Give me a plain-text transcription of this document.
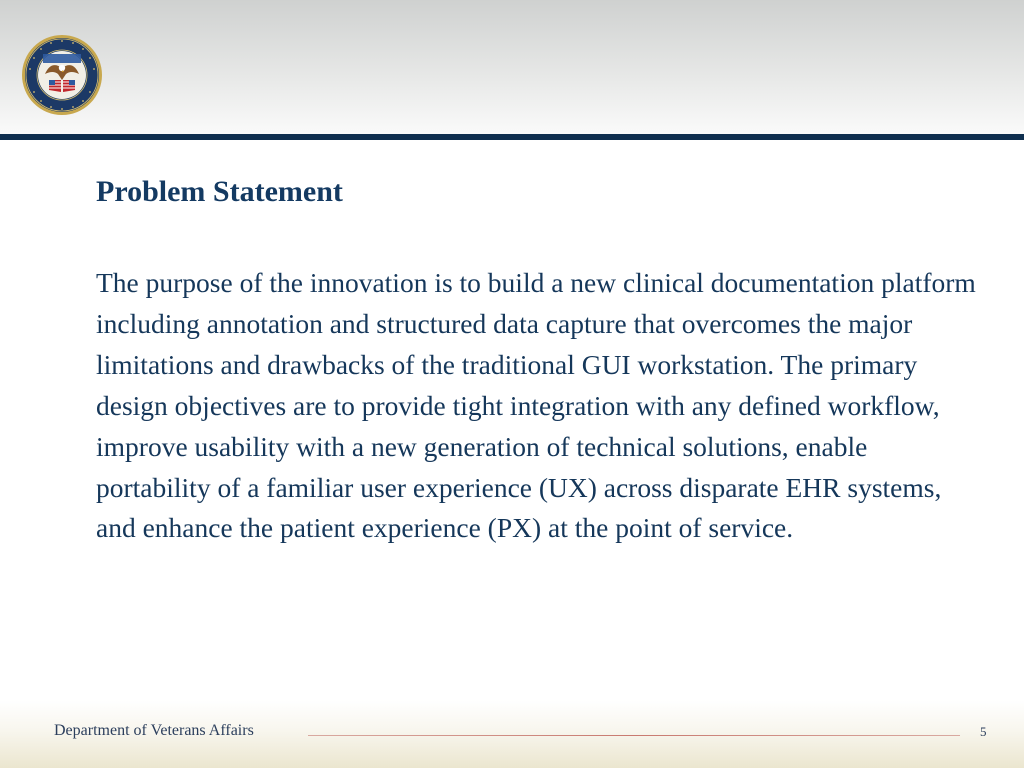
Problem Statement

The purpose of the innovation is to build a new clinical documentation platform including annotation and structured data capture that overcomes the major limitations and drawbacks of the traditional GUI workstation. The primary design objectives are to provide tight integration with any defined workflow, improve usability with a new generation of technical solutions, enable portability of a familiar user experience (UX) across disparate EHR systems, and enhance the patient experience (PX) at the point of service.

Department of Veterans Affairs	5
